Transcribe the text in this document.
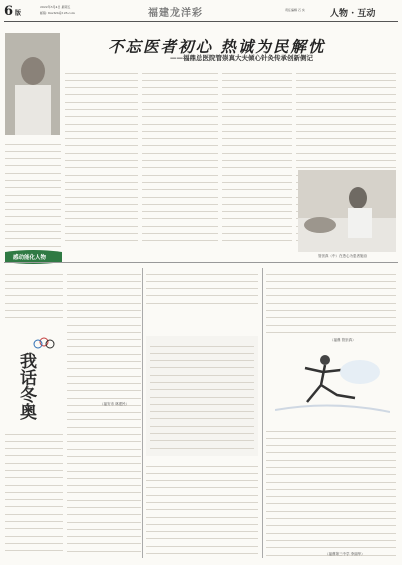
6 版
2022年3月4日 星期五
邮箱: fnwhrb@126.com	福建龙洋彩	责任编辑 石 实	人物 · 互动
不忘医者初心 热诚为民解忧
——福鼎总医院管崇真大夫倾心针灸传承创新侧记

感动能化人物	管崇真（中）在悉心为患者施治

我话冬奥	（福安市 林建民）

（福鼎 管崇真）

（福鼎第三中学 李丽华）
